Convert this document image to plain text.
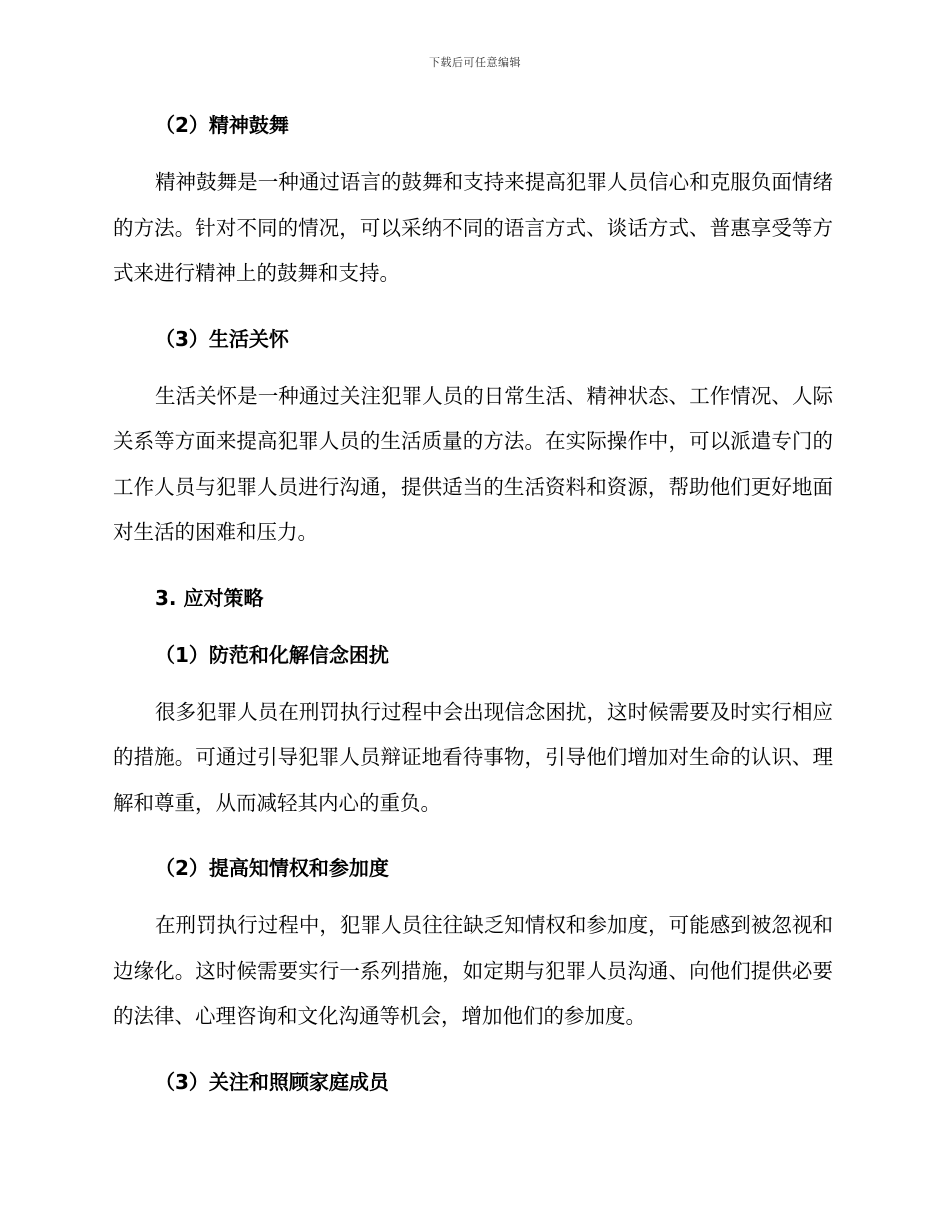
下载后可任意编辑
（2）精神鼓舞

精神鼓舞是一种通过语言的鼓舞和支持来提高犯罪人员信心和克服负面情绪的方法。针对不同的情况，可以采纳不同的语言方式、谈话方式、普惠享受等方式来进行精神上的鼓舞和支持。

（3）生活关怀

生活关怀是一种通过关注犯罪人员的日常生活、精神状态、工作情况、人际关系等方面来提高犯罪人员的生活质量的方法。在实际操作中，可以派遣专门的工作人员与犯罪人员进行沟通，提供适当的生活资料和资源，帮助他们更好地面对生活的困难和压力。

3. 应对策略
（1）防范和化解信念困扰

很多犯罪人员在刑罚执行过程中会出现信念困扰，这时候需要及时实行相应的措施。可通过引导犯罪人员辩证地看待事物，引导他们增加对生命的认识、理解和尊重，从而减轻其内心的重负。

（2）提高知情权和参加度

在刑罚执行过程中，犯罪人员往往缺乏知情权和参加度，可能感到被忽视和边缘化。这时候需要实行一系列措施，如定期与犯罪人员沟通、向他们提供必要的法律、心理咨询和文化沟通等机会，增加他们的参加度。

（3）关注和照顾家庭成员
